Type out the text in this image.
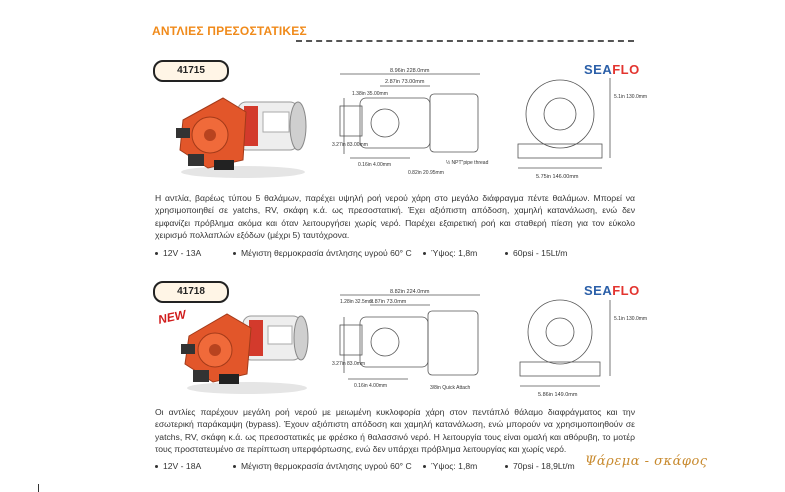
ΑΝΤΛΙΕΣ ΠΡΕΣΟΣΤΑΤΙΚΕΣ
41715	SEAFLO
8.96in 228.0mm
2.87in 73.00mm
1.38in 35.00mm
3.27in 83.00mm
0.16in 4.00mm
0.82in 20.95mm
½ NPT"pipe thread
5.75in 146.00mm
5.1in 130.0mm
Η αντλία, βαρέως τύπου 5 θαλάμων, παρέχει υψηλή ροή νερού χάρη στο μεγάλο διάφραγμα πέντε θαλάμων. Μπορεί να χρησιμοποιηθεί σε yatchs, RV, σκάφη κ.ά. ως πρεσοστατική. Έχει αξιόπιστη απόδοση, χαμηλή κατανάλωση, ενώ δεν εμφανίζει πρόβλημα ακόμα και όταν λειτουργήσει χωρίς νερό. Παρέχει εξαιρετική ροή και σταθερή πίεση για τον εύκολο χειρισμό πολλαπλών εξόδων (μέχρι 5) ταυτόχρονα.
12V - 13A	Μέγιστη θερμοκρασία άντλησης υγρού 60° C Ύψος: 1,8m	60psi - 15Lt/m
41718	SEAFLO
NEW
8.82in 224.0mm
2.87in 73.0mm
1.28in 32.5mm
3.27in 83.0mm
0.16in 4.00mm	3/8in Quick Attach
5.86in 149.0mm
5.1in 130.0mm
Οι αντλίες παρέχουν μεγάλη ροή νερού με μειωμένη κυκλοφορία χάρη στον πεντάπλό θάλαμο διαφράγματος και την εσωτερική παράκαμψη (bypass). Έχουν αξιόπιστη απόδοση και χαμηλή κατανάλωση, ενώ μπορούν να χρησιμοποιηθούν σε yatchs, RV, σκάφη κ.ά. ως πρεσοστατικές με φρέσκο ή θαλασσινό νερό. Η λειτουργία τους είναι ομαλή και αθόρυβη, το μοτέρ τους προστατευμένο σε περίπτωση υπερφόρτωσης, ενώ δεν υπάρχει πρόβλημα λειτουργίας και χωρίς νερό.
12V - 18A	Μέγιστη θερμοκρασία άντλησης υγρού 60° C Ύψος: 1,8m	70psi - 18,9Lt/m Ψάρεμα - σκάφος
